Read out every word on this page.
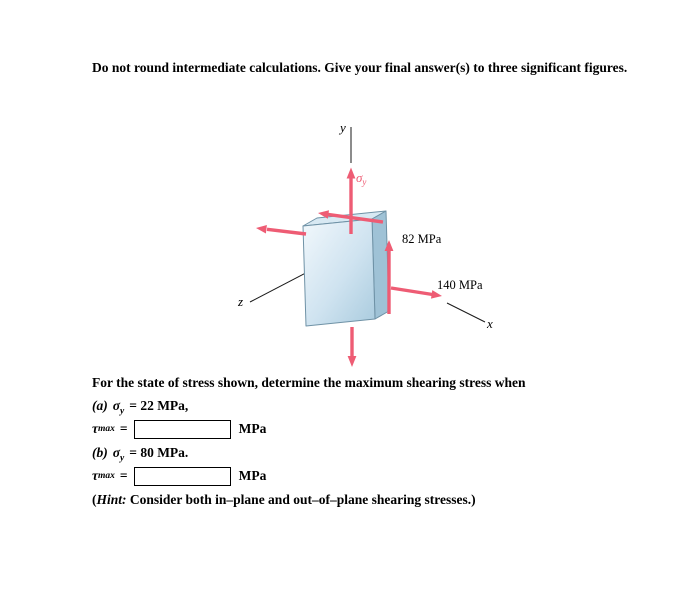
Do not round intermediate calculations. Give your final answer(s) to three significant figures.

y
z
x
$\sigma_y$
82 MPa
140 MPa

For the state of stress shown, determine the maximum shearing stress when

(a) $\sigma_y = 22$ MPa,

τ max =	MPa

(b) $\sigma_y = 80$ MPa.

τ max =	MPa

(Hint: Consider both in–plane and out–of–plane shearing stresses.)
